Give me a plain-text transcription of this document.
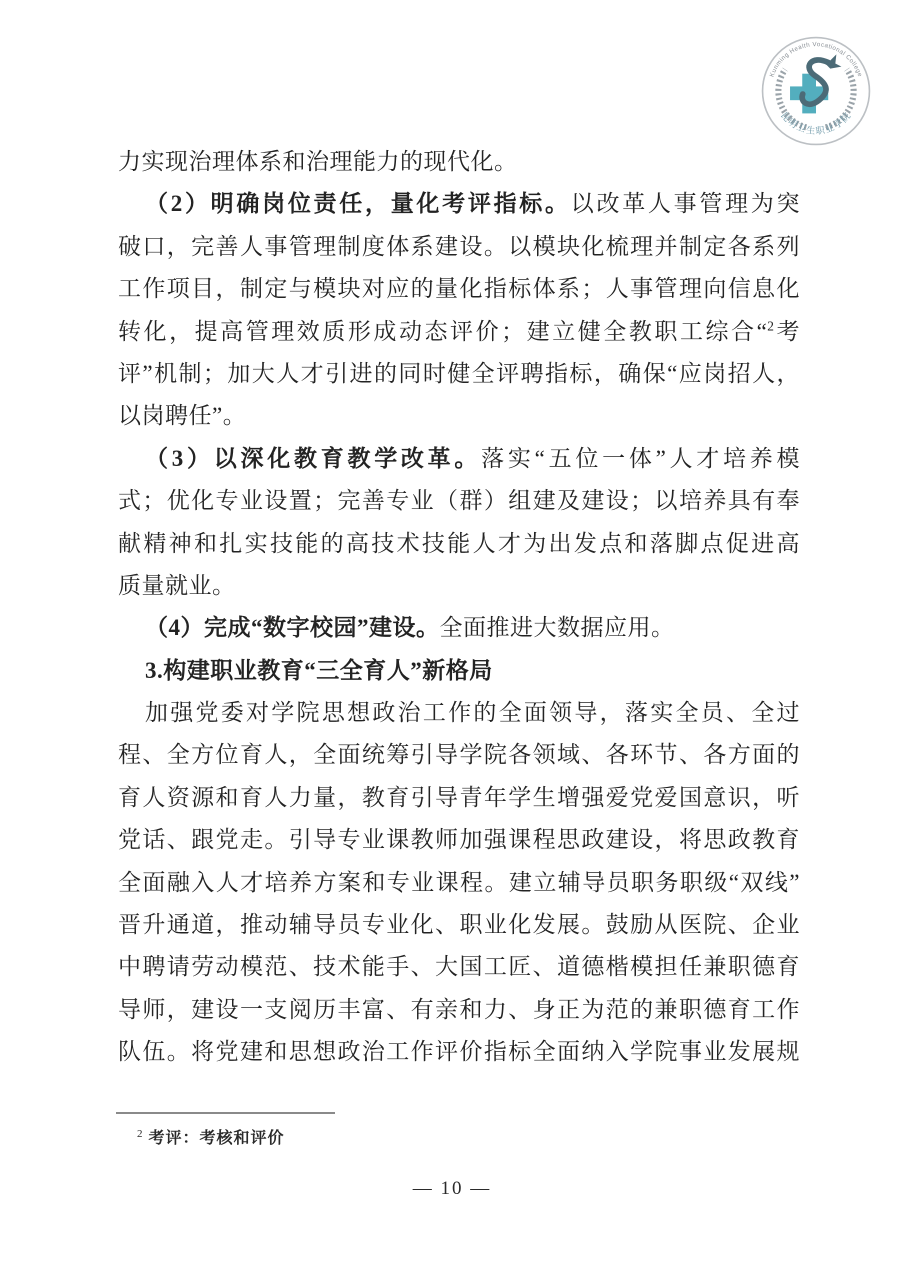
Kunming Health Vocational College
昆明卫生职业学院
力实现治理体系和治理能力的现代化。
（2）明确岗位责任，量化考评指标。以改革人事管理为突
破口，完善人事管理制度体系建设。以模块化梳理并制定各系列
工作项目，制定与模块对应的量化指标体系；人事管理向信息化
转化，提高管理效质形成动态评价；建立健全教职工综合“$^2$考
评”机制；加大人才引进的同时健全评聘指标，确保“应岗招人，
以岗聘任”。
（3）以深化教育教学改革。落实“五位一体”人才培养模
式；优化专业设置；完善专业（群）组建及建设；以培养具有奉
献精神和扎实技能的高技术技能人才为出发点和落脚点促进高
质量就业。
（4）完成“数字校园”建设。全面推进大数据应用。
3.构建职业教育“三全育人”新格局
加强党委对学院思想政治工作的全面领导，落实全员、全过
程、全方位育人，全面统筹引导学院各领域、各环节、各方面的
育人资源和育人力量，教育引导青年学生增强爱党爱国意识，听
党话、跟党走。引导专业课教师加强课程思政建设，将思政教育
全面融入人才培养方案和专业课程。建立辅导员职务职级“双线”
晋升通道，推动辅导员专业化、职业化发展。鼓励从医院、企业
中聘请劳动模范、技术能手、大国工匠、道德楷模担任兼职德育
导师，建设一支阅历丰富、有亲和力、身正为范的兼职德育工作
队伍。将党建和思想政治工作评价指标全面纳入学院事业发展规
$^2$ 考评：考核和评价
— 10 —
